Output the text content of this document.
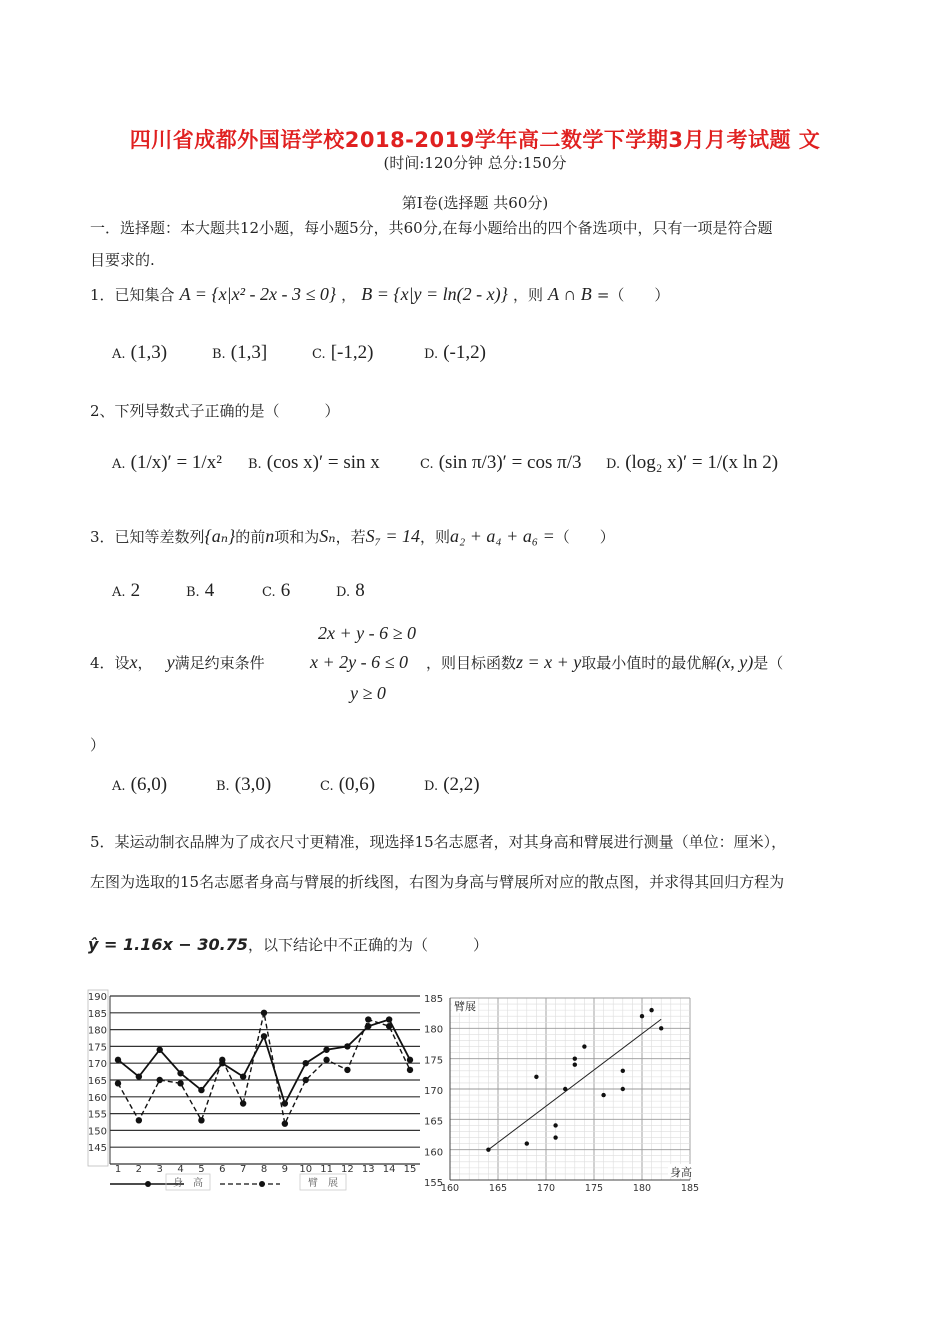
四川省成都外国语学校2018-2019学年高二数学下学期3月月考试题 文
(时间:120分钟 总分:150分
第Ⅰ卷(选择题 共60分)
一．选择题：本大题共12小题，每小题5分，共60分,在每小题给出的四个备选项中，只有一项是符合题
目要求的.
1．已知集合 A = {x|x² - 2x - 3 ≤ 0} ， B = {x|y = ln(2 - x)} ，则 A ∩ B =（　　）
A. (1,3)	B. (1,3]	C. [-1,2)	D. (-1,2)
2、下列导数式子正确的是（　　　）
A. (1/x)′ = 1/x² B. (cos x)′ = sin x	C. (sin π/3)′ = cos π/3 D. (log₂ x)′ = 1/(x ln 2)
3．已知等差数列{aₙ}的前n项和为Sₙ，若S₇ = 14，则a₂ + a₄ + a₆ =（　　）
A. 2	B. 4	C. 6	D. 8
2x + y - 6 ≥ 0
x + 2y - 6 ≤ 0
y ≥ 0
4．设x， y满足约束条件	，则目标函数z = x + y取最小值时的最优解(x, y)是（
）
A. (6,0)	B. (3,0)	C. (0,6)	D. (2,2)
5．某运动制衣品牌为了成衣尺寸更精准，现选择15名志愿者，对其身高和臂展进行测量（单位：厘米），
左图为选取的15名志愿者身高与臂展的折线图，右图为身高与臂展所对应的散点图，并求得其回归方程为
ŷ = 1.16x − 30.75，以下结论中不正确的为（　　　）
190
185
180
175
170
165
160
155
150
145
185
180
175
170
165
160
155
1 2 3 4 5 6 7 8 9 10 11 12 13 14 15
身　高	臂　展	160	165	170	175	180	185
臂展
身高
